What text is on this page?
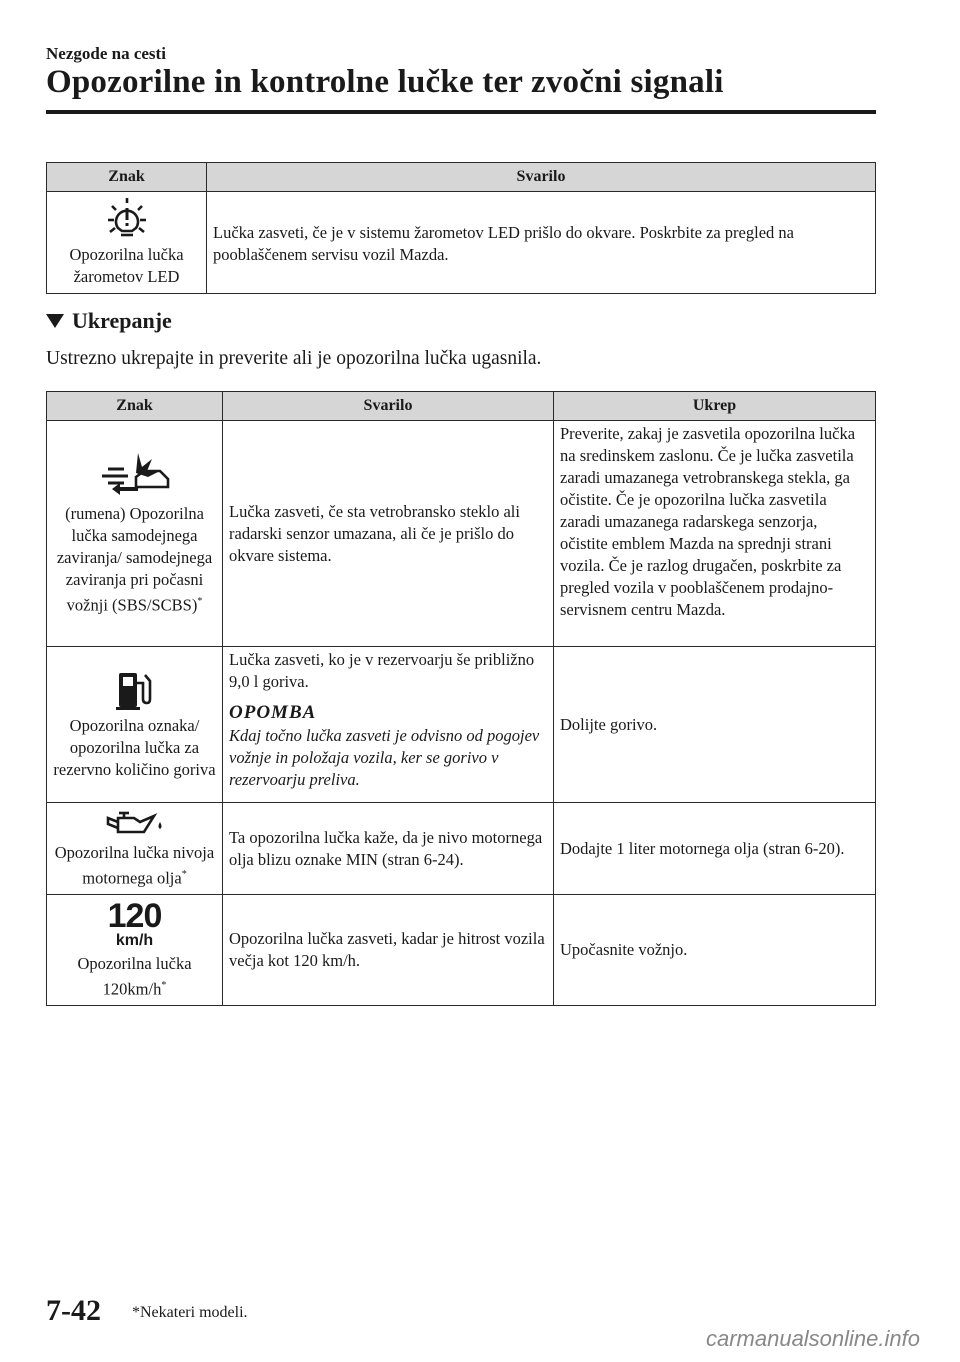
Nezgode na cesti
Opozorilne in kontrolne lučke ter zvočni signali
Znak	Svarilo

Opozorilna lučka žarometov LED	Lučka zasveti, če je v sistemu žarometov LED prišlo do okvare. Poskrbite za pregled na pooblaščenem servisu vozil Mazda.
Ukrepanje
Ustrezno ukrepajte in preverite ali je opozorilna lučka ugasnila.
Znak	Svarilo	Ukrep

(rumena) Opozorilna lučka samodejnega zaviranja/ samodejnega zaviranja pri počasni vožnji (SBS/SCBS)*	Lučka zasveti, če sta vetrobransko steklo ali radarski senzor umazana, ali če je prišlo do okvare sistema.	Preverite, zakaj je zasvetila opozorilna lučka na sredinskem zaslonu. Če je lučka zasvetila zaradi umazanega vetrobranskega stekla, ga očistite. Če je opozorilna lučka zasvetila zaradi umazanega radarskega senzorja, očistite emblem Mazda na sprednji strani vozila. Če je razlog drugačen, poskrbite za pregled vozila v pooblaščenem prodajno-servisnem centru Mazda.

Opozorilna oznaka/ opozorilna lučka za rezervno količino goriva	Lučka zasveti, ko je v rezervoarju še približno 9,0 l goriva.
OPOMBA
Kdaj točno lučka zasveti je odvisno od pogojev vožnje in položaja vozila, ker se gorivo v rezervoarju preliva.	Dolijte gorivo.

Opozorilna lučka nivoja motornega olja*	Ta opozorilna lučka kaže, da je nivo motornega olja blizu oznake MIN (stran 6-24).	Dodajte 1 liter motornega olja (stran 6-20).

120
km/h
Opozorilna lučka 120km/h*	Opozorilna lučka zasveti, kadar je hitrost vozila večja kot 120 km/h.	Upočasnite vožnjo.
7-42 *Nekateri modeli.
carmanualsonline.info
